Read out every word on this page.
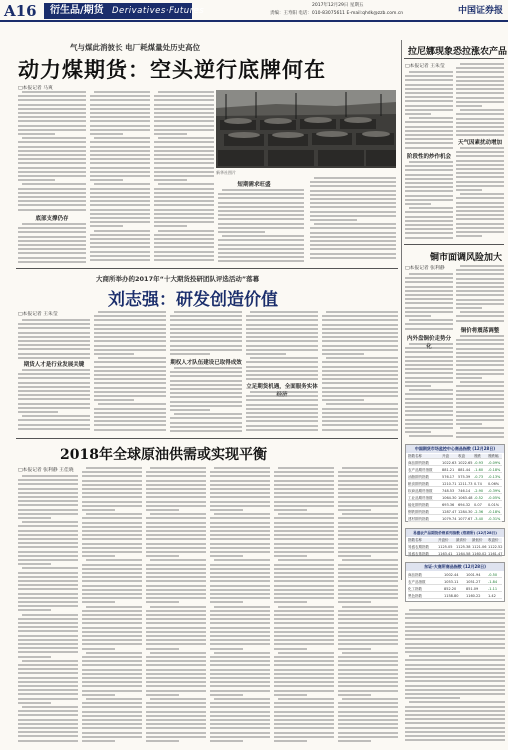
A16 衍生品/期货 Derivatives·Futures
2017年12月29日 星期五
责编：王寿阳 电话：010-83075611 E-mail:qhdk@zzb.com.cn	中国证券报
气与煤此消彼长 电厂耗煤量处历史高位
动力煤期货：空头逆行底牌何在
□本报记者 马爽
底部支撑仍存
新华社图片
短期需求旺盛
拉尼娜现象恐拉涨农产品
□本报记者 王朱莹
阶段性的炒作机会
天气因素扰动增加
铜市面调风险加大
□本报记者 张利静
内外盘铜价走势分
铜价将震荡调整
大商所举办的2017年“十大期货投研团队评选活动”落幕
刘志强：研发创造价值
□本报记者 王朱莹
期货人才是行业发展关键	期权人才队伍建设已取得成效
立足期货机遇，全面服务实体
2018年全球原油供需或实现平衡
□本报记者 张利静 王佳晓
中国期货市场监控中心商品指数 (12月28日)
指数名称	开盘	收盘	涨跌 涨跌幅
商品期货指数	1022.63 1022.65 -0.93 -0.09%
农产品期货指数	881.21 881.44 -1.60 -0.18%
油脂期货指数	576.17 575.39 -0.73 -0.13%
粮食期货指数	1210.71 1211.73 0.74 0.06%
软商品期货指数	748.53 746.14 -2.90 -0.39%
工业品期货指数	1064.30 1063.48 -0.52 -0.05%
能化期货指数	693.36 694.32 0.07 0.01%
钢铁期货指数	1287.47 1284.30 -2.36 -0.18%
建材期货指数	1079.74 1077.67 -3.40 -0.31%
易盛农产品期货价格系列指数 (郑商所) (12月28日)
指数名称	开盘价 最高价 最低价 收盘价
易盛农期指数	1125.05 1125.38 1121.06 1122.52
易盛农基指数	1163.41 1164.58 1160.02 1161.47
东证-大商所商品指数 (12月28日)
商品指数	1002.44 1001.94 -0.50
农产品指数	1053.11 1051.27 -1.84
化工指数	852.20	851.09	-1.11
黑色指数	1158.80 1160.22 1.42
